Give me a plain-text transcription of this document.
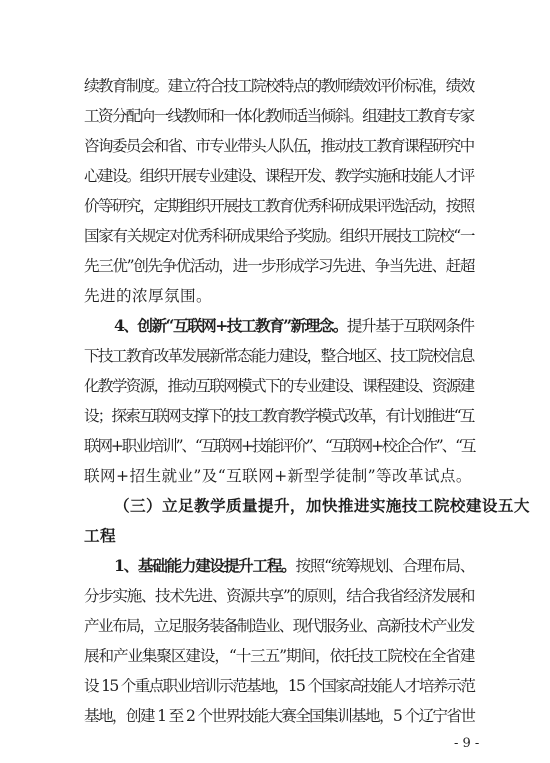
续教育制度。建立符合技工院校特点的教师绩效评价标准，绩效
工资分配向一线教师和一体化教师适当倾斜。组建技工教育专家
咨询委员会和省、市专业带头人队伍，推动技工教育课程研究中
心建设。组织开展专业建设、课程开发、教学实施和技能人才评
价等研究，定期组织开展技工教育优秀科研成果评选活动，按照
国家有关规定对优秀科研成果给予奖励。组织开展技工院校“一
先三优”创先争优活动，进一步形成学习先进、争当先进、赶超
先进的浓厚氛围。
4、创新“互联网+技工教育”新理念。提升基于互联网条件
下技工教育改革发展新常态能力建设，整合地区、技工院校信息
化教学资源，推动互联网模式下的专业建设、课程建设、资源建
设；探索互联网支撑下的技工教育教学模式改革，有计划推进“互
联网+职业培训”、“互联网+技能评价”、“互联网+校企合作”、“互
联网+招生就业”及“互联网+新型学徒制”等改革试点。
（三）立足教学质量提升，加快推进实施技工院校建设五大
工程
1、基础能力建设提升工程。按照“统筹规划、合理布局、
分步实施、技术先进、资源共享”的原则，结合我省经济发展和
产业布局，立足服务装备制造业、现代服务业、高新技术产业发
展和产业集聚区建设，“十三五”期间，依托技工院校在全省建
设 15 个重点职业培训示范基地，15 个国家高技能人才培养示范
基地，创建 1 至 2 个世界技能大赛全国集训基地，5 个辽宁省世
- 9 -
